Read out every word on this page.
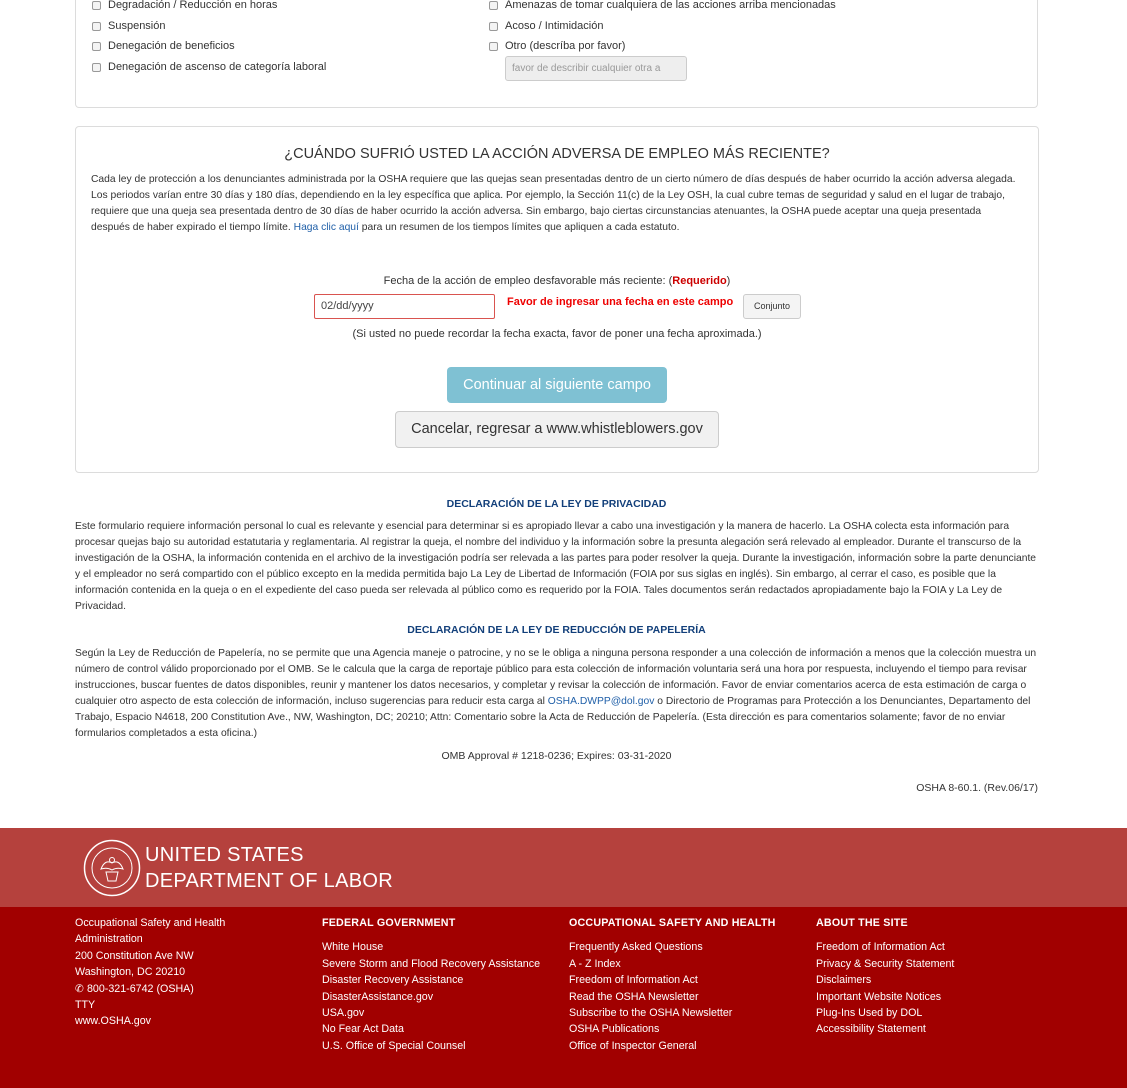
Degradación / Reducción en horas
Suspensión
Denegación de beneficios
Denegación de ascenso de categoría laboral
Amenazas de tomar cualquiera de las acciones arriba mencionadas
Acoso / Intimidación
Otro (descríba por favor)
favor de describir cualquier otra a
¿CUÁNDO SUFRIÓ USTED LA ACCIÓN ADVERSA DE EMPLEO MÁS RECIENTE?
Cada ley de protección a los denunciantes administrada por la OSHA requiere que las quejas sean presentadas dentro de un cierto número de días después de haber ocurrido la acción adversa alegada. Los periodos varían entre 30 días y 180 días, dependiendo en la ley específica que aplica. Por ejemplo, la Sección 11(c) de la Ley OSH, la cual cubre temas de seguridad y salud en el lugar de trabajo, requiere que una queja sea presentada dentro de 30 días de haber ocurrido la acción adversa. Sin embargo, bajo ciertas circunstancias atenuantes, la OSHA puede aceptar una queja presentada después de haber expirado el tiempo límite. Haga clic aquí para un resumen de los tiempos límites que apliquen a cada estatuto.
Fecha de la acción de empleo desfavorable más reciente: (Requerido)
02/dd/yyyy	Favor de ingresar una fecha en este campo	Conjunto
(Si usted no puede recordar la fecha exacta, favor de poner una fecha aproximada.)
Continuar al siguiente campo
Cancelar, regresar a www.whistleblowers.gov
DECLARACIÓN DE LA LEY DE PRIVACIDAD
Este formulario requiere información personal lo cual es relevante y esencial para determinar si es apropiado llevar a cabo una investigación y la manera de hacerlo. La OSHA colecta esta información para procesar quejas bajo su autoridad estatutaria y reglamentaria. Al registrar la queja, el nombre del individuo y la información sobre la presunta alegación será relevado al empleador. Durante el transcurso de la investigación de la OSHA, la información contenida en el archivo de la investigación podría ser relevada a las partes para poder resolver la queja. Durante la investigación, información sobre la parte denunciante y el empleador no será compartido con el público excepto en la medida permitida bajo La Ley de Libertad de Información (FOIA por sus siglas en inglés). Sin embargo, al cerrar el caso, es posible que la información contenida en la queja o en el expediente del caso pueda ser relevada al público como es requerido por la FOIA. Tales documentos serán redactados apropiadamente bajo la FOIA y La Ley de Privacidad.
DECLARACIÓN DE LA LEY DE REDUCCIÓN DE PAPELERÍA
Según la Ley de Reducción de Papelería, no se permite que una Agencia maneje o patrocine, y no se le obliga a ninguna persona responder a una colección de información a menos que la colección muestra un número de control válido proporcionado por el OMB. Se le calcula que la carga de reportaje público para esta colección de información voluntaria será una hora por respuesta, incluyendo el tiempo para revisar instrucciones, buscar fuentes de datos disponibles, reunir y mantener los datos necesarios, y completar y revisar la colección de información. Favor de enviar comentarios acerca de esta estimación de carga o cualquier otro aspecto de esta colección de información, incluso sugerencias para reducir esta carga al OSHA.DWPP@dol.gov o Directorio de Programas para Protección a los Denunciantes, Departamento del Trabajo, Espacio N4618, 200 Constitution Ave., NW, Washington, DC; 20210; Attn: Comentario sobre la Acta de Reducción de Papelería. (Esta dirección es para comentarios solamente; favor de no enviar formularios completados a esta oficina.)
OMB Approval # 1218-0236; Expires: 03-31-2020
OSHA 8-60.1. (Rev.06/17)
UNITED STATES
DEPARTMENT OF LABOR
Occupational Safety and Health Administration
200 Constitution Ave NW
Washington, DC 20210
✆ 800-321-6742 (OSHA)
TTY
www.OSHA.gov
FEDERAL GOVERNMENT
White House
Severe Storm and Flood Recovery Assistance
Disaster Recovery Assistance
DisasterAssistance.gov
USA.gov
No Fear Act Data
U.S. Office of Special Counsel
OCCUPATIONAL SAFETY AND HEALTH
Frequently Asked Questions
A - Z Index
Freedom of Information Act
Read the OSHA Newsletter
Subscribe to the OSHA Newsletter
OSHA Publications
Office of Inspector General
ABOUT THE SITE
Freedom of Information Act
Privacy & Security Statement
Disclaimers
Important Website Notices
Plug-Ins Used by DOL
Accessibility Statement
